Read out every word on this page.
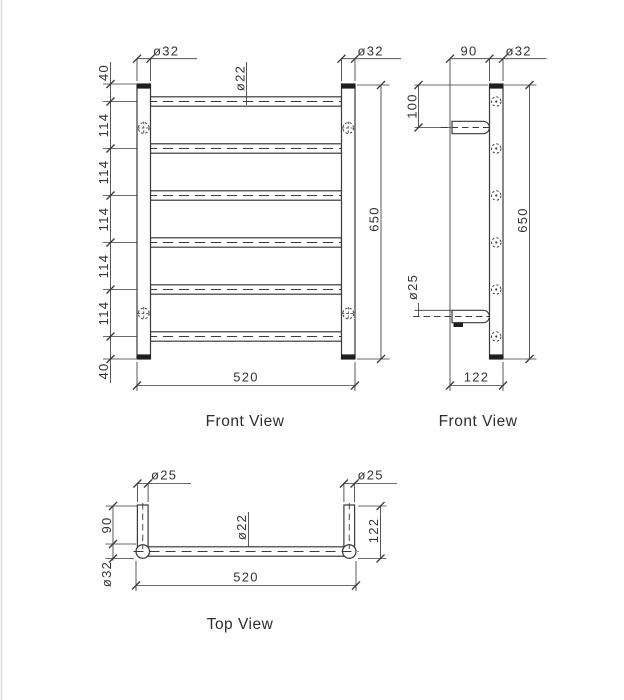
40
114
114
114
114
114
40
ø32	ø32
ø22
650
520
Front View
90 ø32
100
ø25
650
122
Front View
ø25	ø25
90
ø32
122
ø22
520
Top View
